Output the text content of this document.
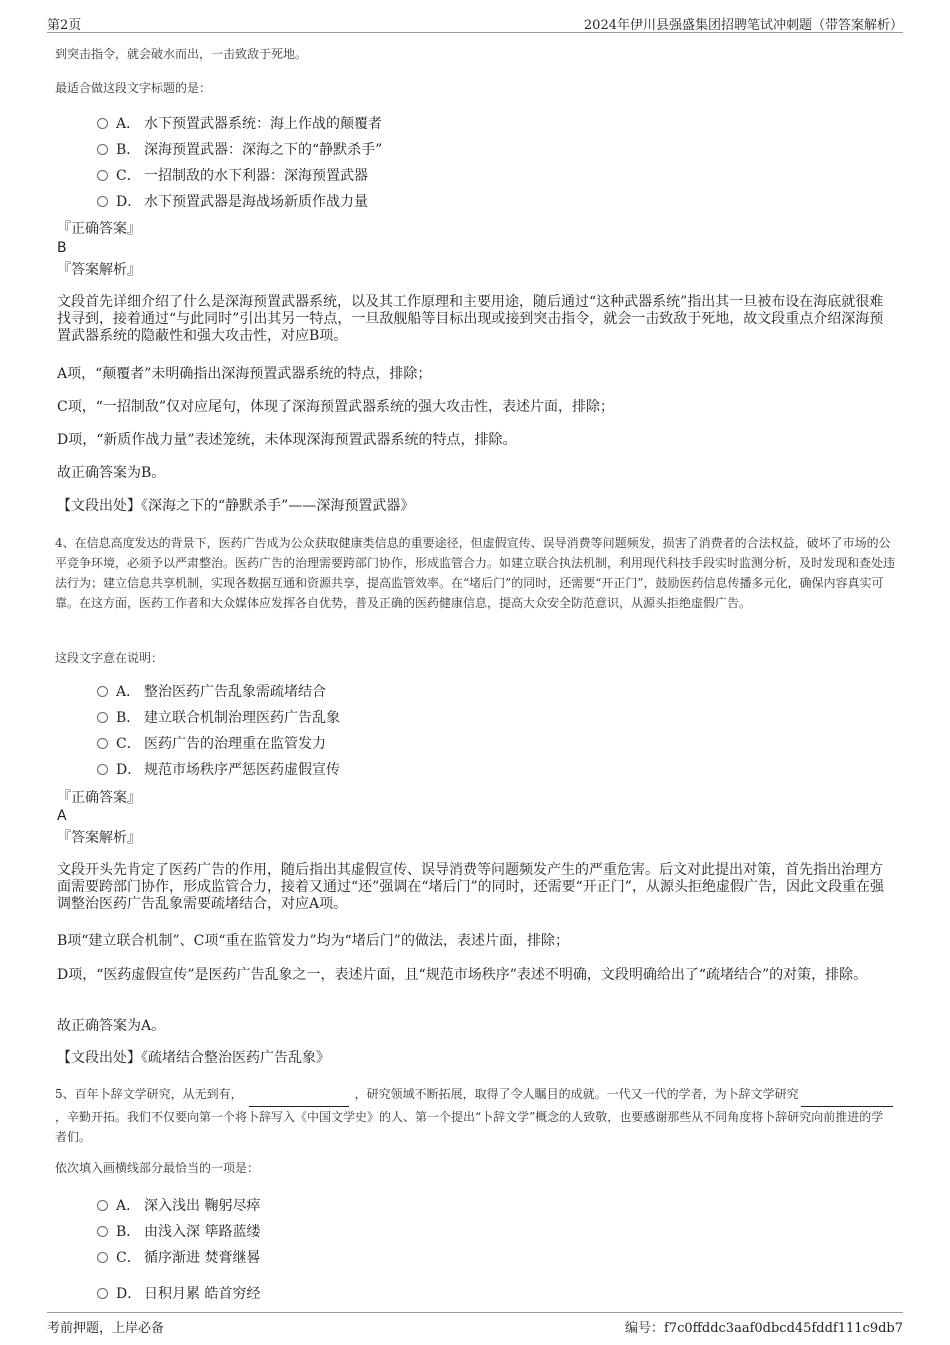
第2页	2024年伊川县强盛集团招聘笔试冲刺题（带答案解析）
到突击指令，就会破水而出，一击致敌于死地。
最适合做这段文字标题的是：
A． 水下预置武器系统：海上作战的颠覆者
B． 深海预置武器：深海之下的“静默杀手”
C． 一招制敌的水下利器：深海预置武器
D． 水下预置武器是海战场新质作战力量
『正确答案』
B
『答案解析』
文段首先详细介绍了什么是深海预置武器系统，以及其工作原理和主要用途，随后通过“这种武器系统”指出其一旦被布设在海底就很难找寻到，接着通过“与此同时”引出其另一特点，一旦敌舰船等目标出现或接到突击指令，就会一击致敌于死地，故文段重点介绍深海预置武器系统的隐蔽性和强大攻击性，对应B项。
A项，“颠覆者”未明确指出深海预置武器系统的特点，排除；
C项，“一招制敌”仅对应尾句，体现了深海预置武器系统的强大攻击性，表述片面，排除；
D项，“新质作战力量”表述笼统，未体现深海预置武器系统的特点，排除。
故正确答案为B。
【文段出处】《深海之下的“静默杀手”——深海预置武器》
4、在信息高度发达的背景下，医药广告成为公众获取健康类信息的重要途径，但虚假宣传、误导消费等问题频发，损害了消费者的合法权益，破坏了市场的公平竞争环境，必须予以严肃整治。医药广告的治理需要跨部门协作，形成监管合力。如建立联合执法机制，利用现代科技手段实时监测分析，及时发现和查处违法行为；建立信息共享机制，实现各数据互通和资源共享，提高监管效率。在“堵后门”的同时，还需要“开正门”，鼓励医药信息传播多元化，确保内容真实可靠。在这方面，医药工作者和大众媒体应发挥各自优势，普及正确的医药健康信息，提高大众安全防范意识，从源头拒绝虚假广告。
这段文字意在说明：
A． 整治医药广告乱象需疏堵结合
B． 建立联合机制治理医药广告乱象
C． 医药广告的治理重在监管发力
D． 规范市场秩序严惩医药虚假宣传
『正确答案』
A
『答案解析』
文段开头先肯定了医药广告的作用，随后指出其虚假宣传、误导消费等问题频发产生的严重危害。后文对此提出对策，首先指出治理方面需要跨部门协作，形成监管合力，接着又通过“还”强调在“堵后门”的同时，还需要“开正门”，从源头拒绝虚假广告，因此文段重在强调整治医药广告乱象需要疏堵结合，对应A项。
B项“建立联合机制”、C项“重在监管发力”均为“堵后门”的做法，表述片面，排除；
D项，“医药虚假宣传”是医药广告乱象之一，表述片面，且“规范市场秩序”表述不明确，文段明确给出了“疏堵结合”的对策，排除。
故正确答案为A。
【文段出处】《疏堵结合整治医药广告乱象》
5、百年卜辞文学研究，从无到有，	，研究领域不断拓展，取得了令人瞩目的成就。一代又一代的学者，为卜辞文学研究，辛勤开拓。我们不仅要向第一个将卜辞写入《中国文学史》的人、第一个提出“卜辞文学”概念的人致敬，也要感谢那些从不同角度将卜辞研究向前推进的学者们。
依次填入画横线部分最恰当的一项是：
A． 深入浅出 鞠躬尽瘁
B． 由浅入深 筚路蓝缕
C． 循序渐进 焚膏继晷
D． 日积月累 皓首穷经
考前押题，上岸必备	编号：f7c0ffddc3aaf0dbcd45fddf111c9db7
